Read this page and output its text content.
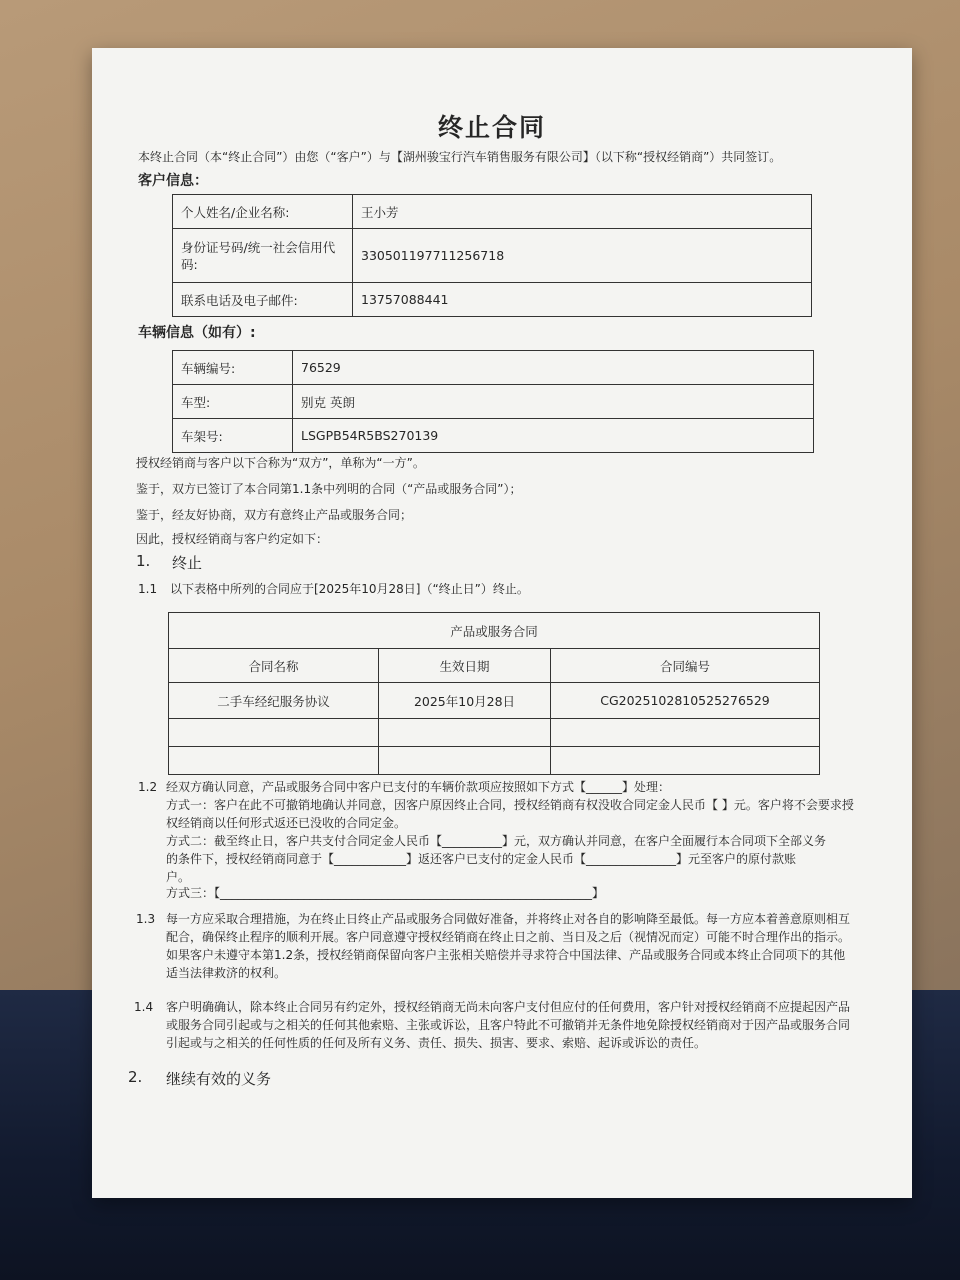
终止合同
本终止合同（本“终止合同”）由您（“客户”）与【湖州骏宝行汽车销售服务有限公司】（以下称“授权经销商”）共同签订。
客户信息：
个人姓名/企业名称:	王小芳
身份证号码/统一社会信用代码:	330501197711256718
联系电话及电子邮件:	13757088441
车辆信息（如有）:
车辆编号:	76529
车型:	别克 英朗
车架号:	LSGPB54R5BS270139
授权经销商与客户以下合称为“双方”，单称为“一方”。
鉴于，双方已签订了本合同第1.1条中列明的合同（“产品或服务合同”）；
鉴于，经友好协商，双方有意终止产品或服务合同；
因此，授权经销商与客户约定如下：
1. 终止
1.1 以下表格中所列的合同应于[2025年10月28日]（“终止日”）终止。
产品或服务合同		
合同名称	生效日期	合同编号
二手车经纪服务协议	2025年10月28日	CG2025102810525276529

1.2 经双方确认同意，产品或服务合同中客户已支付的车辆价款项应按照如下方式【______】处理：
方式一：客户在此不可撤销地确认并同意，因客户原因终止合同，授权经销商有权没收合同定金人民币【 】元。客户将不会要求授
权经销商以任何形式返还已没收的合同定金。
方式二：截至终止日，客户共支付合同定金人民币【__________】元，双方确认并同意，在客户全面履行本合同项下全部义务
的条件下，授权经销商同意于【____________】返还客户已支付的定金人民币【_______________】元至客户的原付款账
户。
方式三：【______________________________________________________________】
1.3 每一方应采取合理措施，为在终止日终止产品或服务合同做好准备，并将终止对各自的影响降至最低。每一方应本着善意原则相互
配合，确保终止程序的顺利开展。客户同意遵守授权经销商在终止日之前、当日及之后（视情况而定）可能不时合理作出的指示。
如果客户未遵守本第1.2条，授权经销商保留向客户主张相关赔偿并寻求符合中国法律、产品或服务合同或本终止合同项下的其他
适当法律救济的权利。
1.4 客户明确确认，除本终止合同另有约定外，授权经销商无尚未向客户支付但应付的任何费用，客户针对授权经销商不应提起因产品
或服务合同引起或与之相关的任何其他索赔、主张或诉讼，且客户特此不可撤销并无条件地免除授权经销商对于因产品或服务合同
引起或与之相关的任何性质的任何及所有义务、责任、损失、损害、要求、索赔、起诉或诉讼的责任。
2. 继续有效的义务
